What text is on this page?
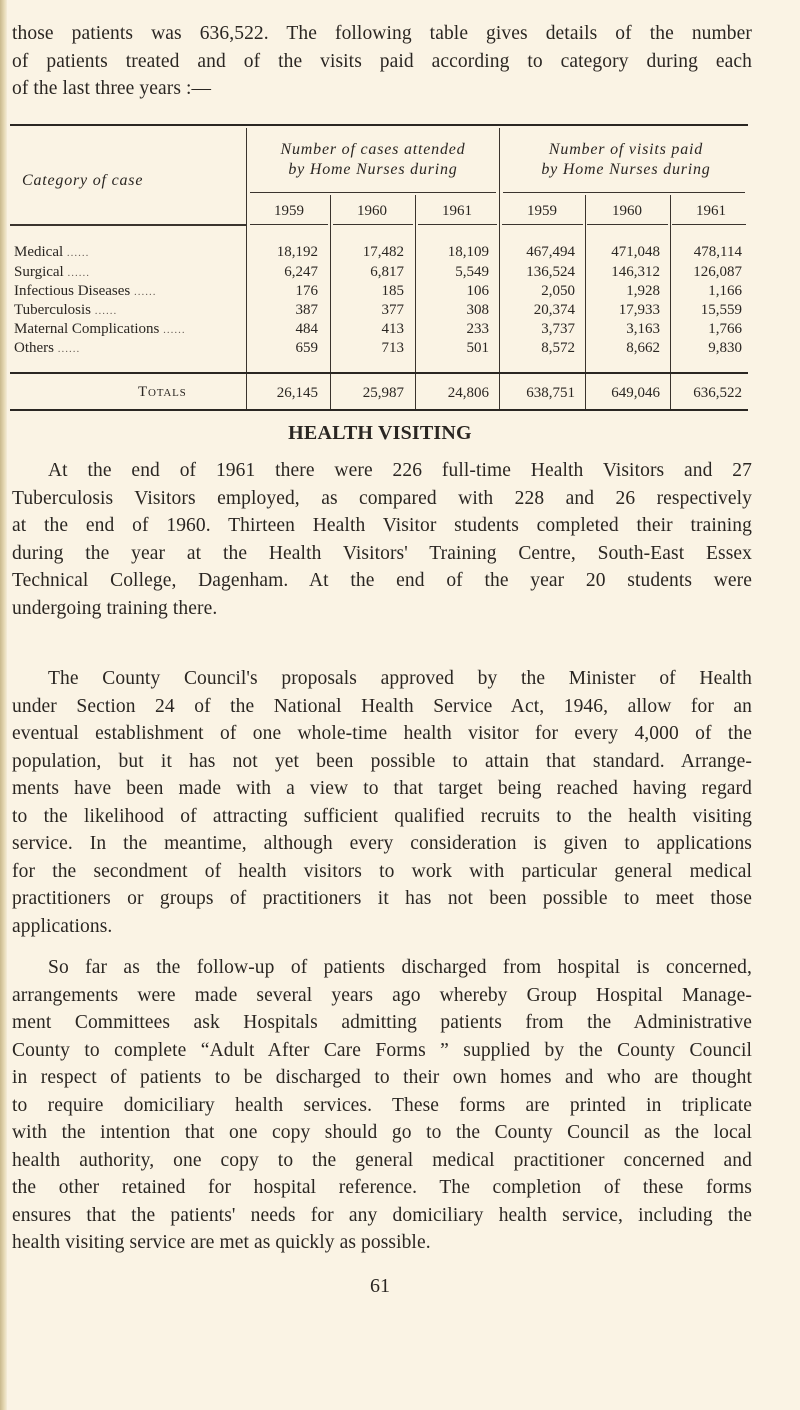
those patients was 636,522. The following table gives details of the number
of patients treated and of the visits paid according to category during each
of the last three years :—
Category of case
Number of cases attended
by Home Nurses during
Number of visits paid
by Home Nurses during
1959	1960	1961	1959	1960	1961
Medical ......	18,192	17,482	18,109	467,494	471,048	478,114
Surgical ......	6,247	6,817	5,549	136,524	146,312	126,087
Infectious Diseases ......	176	185	106	2,050	1,928	1,166
Tuberculosis ......	387	377	308	20,374	17,933	15,559
Maternal Complications ......	484	413	233	3,737	3,163	1,766
Others ......	659	713	501	8,572	8,662	9,830
Totals	26,145	25,987	24,806	638,751	649,046	636,522
HEALTH VISITING
At the end of 1961 there were 226 full-time Health Visitors and 27
Tuberculosis Visitors employed, as compared with 228 and 26 respectively
at the end of 1960. Thirteen Health Visitor students completed their training
during the year at the Health Visitors' Training Centre, South-East Essex
Technical College, Dagenham. At the end of the year 20 students were
undergoing training there.
The County Council's proposals approved by the Minister of Health
under Section 24 of the National Health Service Act, 1946, allow for an
eventual establishment of one whole-time health visitor for every 4,000 of the
population, but it has not yet been possible to attain that standard. Arrange-
ments have been made with a view to that target being reached having regard
to the likelihood of attracting sufficient qualified recruits to the health visiting
service. In the meantime, although every consideration is given to applications
for the secondment of health visitors to work with particular general medical
practitioners or groups of practitioners it has not been possible to meet those
applications.
So far as the follow-up of patients discharged from hospital is concerned,
arrangements were made several years ago whereby Group Hospital Manage-
ment Committees ask Hospitals admitting patients from the Administrative
County to complete “Adult After Care Forms ” supplied by the County Council
in respect of patients to be discharged to their own homes and who are thought
to require domiciliary health services. These forms are printed in triplicate
with the intention that one copy should go to the County Council as the local
health authority, one copy to the general medical practitioner concerned and
the other retained for hospital reference. The completion of these forms
ensures that the patients' needs for any domiciliary health service, including the
health visiting service are met as quickly as possible.
61
